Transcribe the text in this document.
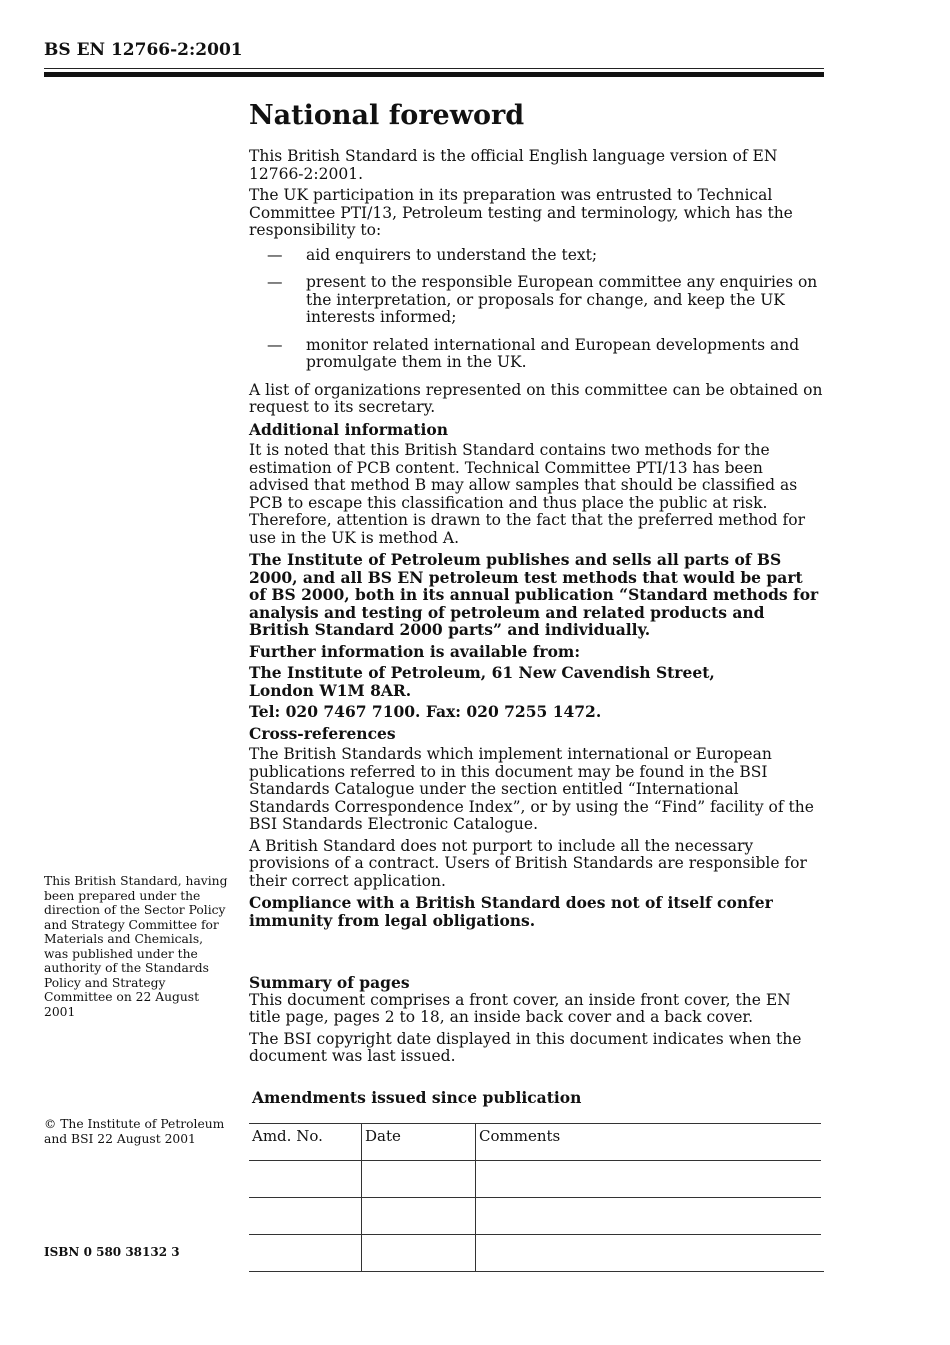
BS EN 12766-2:2001
National foreword

This British Standard is the official English language version of EN 12766-2:2001.

The UK participation in its preparation was entrusted to Technical Committee PTI/13, Petroleum testing and terminology, which has the responsibility to:

—	aid enquirers to understand the text;
—	present to the responsible European committee any enquiries on the interpretation, or proposals for change, and keep the UK interests informed;
—	monitor related international and European developments and promulgate them in the UK.

A list of organizations represented on this committee can be obtained on request to its secretary.

Additional information

It is noted that this British Standard contains two methods for the estimation of PCB content. Technical Committee PTI/13 has been advised that method B may allow samples that should be classified as PCB to escape this classification and thus place the public at risk. Therefore, attention is drawn to the fact that the preferred method for use in the UK is method A.

The Institute of Petroleum publishes and sells all parts of BS 2000, and all BS EN petroleum test methods that would be part of BS 2000, both in its annual publication “Standard methods for analysis and testing of petroleum and related products and British Standard 2000 parts” and individually.

Further information is available from:

The Institute of Petroleum, 61 New Cavendish Street,
London W1M 8AR.

Tel: 020 7467 7100. Fax: 020 7255 1472.

Cross-references

The British Standards which implement international or European publications referred to in this document may be found in the BSI Standards Catalogue under the section entitled “International Standards Correspondence Index”, or by using the “Find” facility of the BSI Standards Electronic Catalogue.

A British Standard does not purport to include all the necessary provisions of a contract. Users of British Standards are responsible for their correct application.

Compliance with a British Standard does not of itself confer immunity from legal obligations.

Summary of pages

This document comprises a front cover, an inside front cover, the EN title page, pages 2 to 18, an inside back cover and a back cover.

The BSI copyright date displayed in this document indicates when the document was last issued.

This British Standard, having been prepared under the direction of the Sector Policy and Strategy Committee for Materials and Chemicals, was published under the authority of the Standards Policy and Strategy Committee on 22 August 2001
© The Institute of Petroleum and BSI 22 August 2001
ISBN 0 580 38132 3
Amendments issued since publication
Amd. No.	Date	Comments
